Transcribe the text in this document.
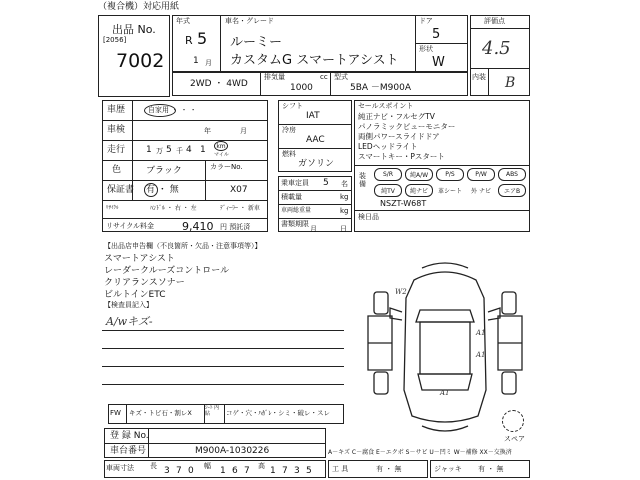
（複合機）対応用紙
出品 No.
[2056]
7002
年式
R 5
1 月
車名・グレード
ルーミー
カスタムG スマートアシスト
ドア
5
形状
W
2WD ・ 4WD
排気量	cc
1000
型式
5BA －M900A
評価点
4.5
内装 B
車歴	自家用 ・ ・ ・
車検	年	月
走行 1 万 5 千 4 1 km
マイル
色	ブラック	カラーNo.
保証書 有 ・ 無	X07
ﾘｻｲｸﾙ	ﾊﾝﾄﾞﾙ ・ 右 ・ 左	ﾃﾞｨｰﾗｰ ・ 新車
リサイクル料金	9,410 円 預託済
シフト
IAT
冷房
AAC
燃料
ガソリン
乗車定員 5 名
積載量	kg
車両総重量	kg
書類期限
月	日
セールスポイント
純正ナビ・フルセグTV
パノラミックビューモニター
両側パワースライドドア
LEDヘッドライト
スマートキー・Pスタート
装備
S/R	純A/W	P/S	P/W	ABS
純TV	純ナビ	革シート	外 ナビ	エアB
NSZT-W68T
検日品
【出品店申告欄（不良箇所・欠品・注意事項等）】
スマートアシスト
レーダークルーズコントロール
クリアランスソナー
ビルトインETC
【検査員記入】
A/wキズ-
W2
A1
A1
A1
スペア
FW キズ・トビ石・割レX
ｼｰﾄ 内貼	コゲ・穴・ﾊｶﾞﾚ・シミ・破レ・スレ
登 録 No.
車台番号	M900A-1030226
車両寸法 長 3 7 0 幅 1 6 7 高 1 7 3 5
A－キズ C－腐食 E－エクボ S－サビ U－凹ミ W－補修 XX－交換済
工 具	有 ・ 無	ジャッキ 有 ・ 無
